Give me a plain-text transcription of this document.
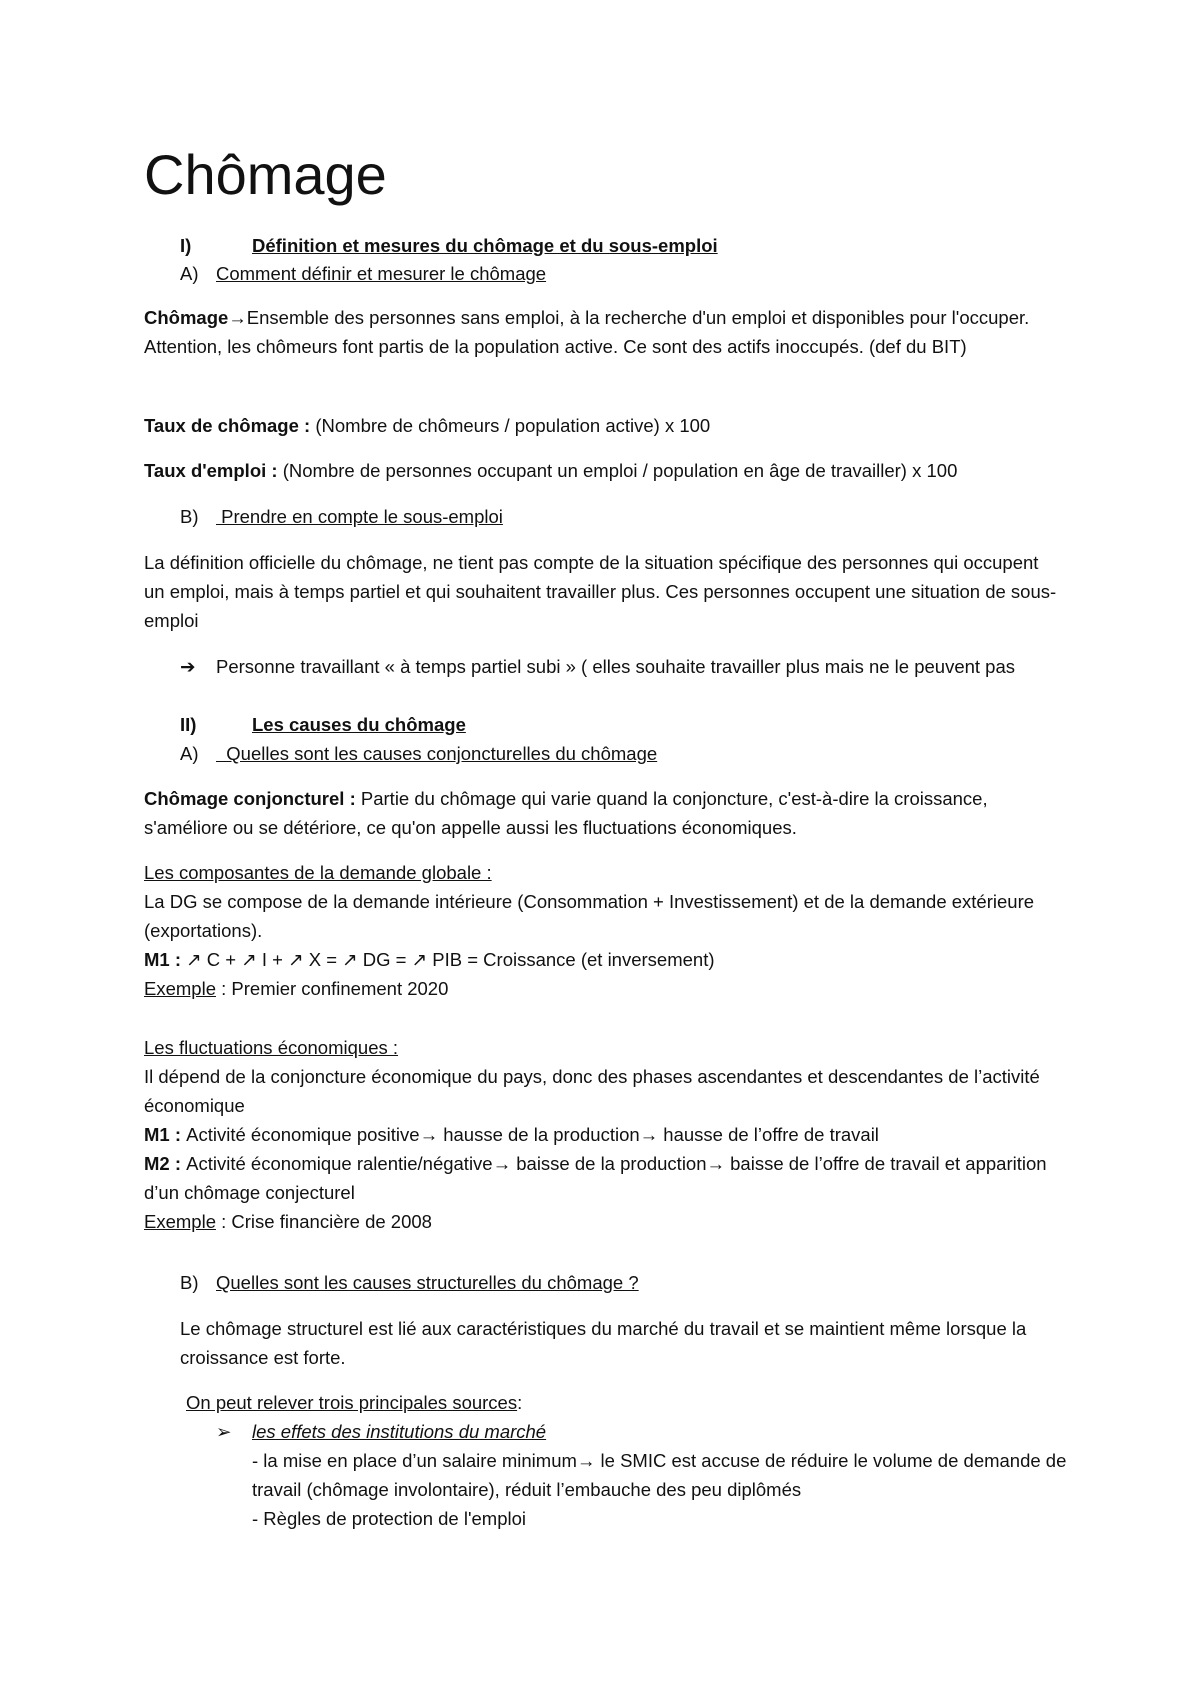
Chômage
I)	Définition et mesures du chômage et du sous-emploi
A) Comment définir et mesurer le chômage

Chômage→Ensemble des personnes sans emploi, à la recherche d'un emploi et disponibles pour l'occuper. Attention, les chômeurs font partis de la population active. Ce sont des actifs inoccupés. (def du BIT)

Taux de chômage : (Nombre de chômeurs / population active) x 100

Taux d'emploi : (Nombre de personnes occupant un emploi / population en âge de travailler) x 100

B) Prendre en compte le sous-emploi

La définition officielle du chômage, ne tient pas compte de la situation spécifique des personnes qui occupent un emploi, mais à temps partiel et qui souhaitent travailler plus. Ces personnes occupent une situation de sous-emploi

➔	Personne travaillant « à temps partiel subi » ( elles souhaite travailler plus mais ne le peuvent pas
II)	Les causes du chômage
A)  Quelles sont les causes conjoncturelles du chômage

Chômage conjoncturel : Partie du chômage qui varie quand la conjoncture, c'est-à-dire la croissance, s'améliore ou se détériore, ce qu'on appelle aussi les fluctuations économiques.

Les composantes de la demande globale :
La DG se compose de la demande intérieure (Consommation + Investissement) et de la demande extérieure (exportations).
M1 : ↗ C + ↗ I + ↗ X = ↗ DG = ↗ PIB = Croissance (et inversement)
Exemple : Premier confinement 2020
Les fluctuations économiques :
Il dépend de la conjoncture économique du pays, donc des phases ascendantes et descendantes de l’activité économique
M1 : Activité économique positive→ hausse de la production→ hausse de l’offre de travail
M2 : Activité économique ralentie/négative→ baisse de la production→ baisse de l’offre de travail et apparition d’un chômage conjecturel
Exemple : Crise financière de 2008
B) Quelles sont les causes structurelles du chômage ?

Le chômage structurel est lié aux caractéristiques du marché du travail et se maintient même lorsque la croissance est forte.

On peut relever trois principales sources:
➢ les effets des institutions du marché
- la mise en place d’un salaire minimum→ le SMIC est accuse de réduire le volume de demande de travail (chômage involontaire), réduit l’embauche des peu diplômés
- Règles de protection de l'emploi
